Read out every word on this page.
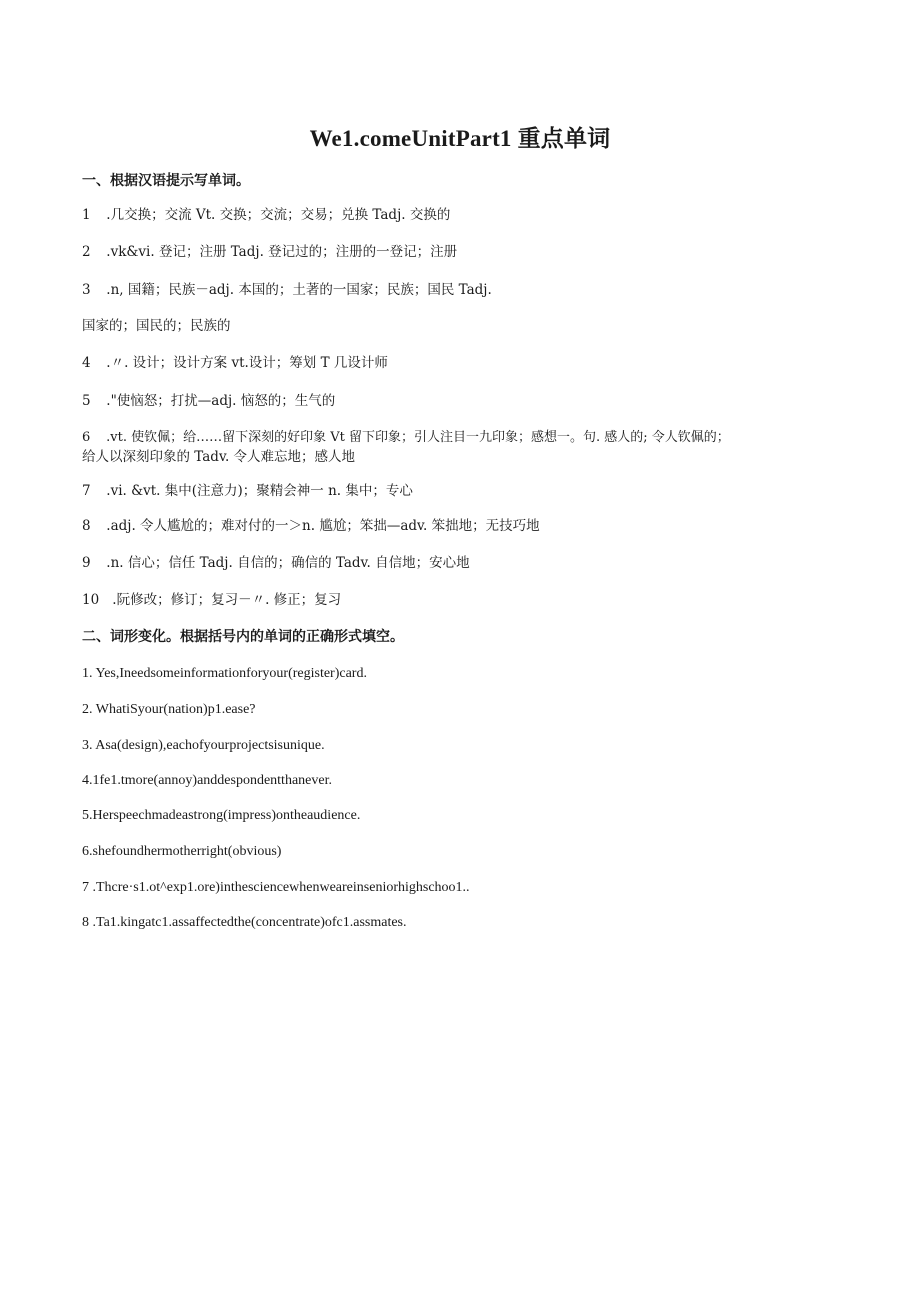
We1.comeUnitPart1 重点单词
一、根据汉语提示写单词。
1 .几交换；交流 Vt. 交换；交流；交易；兑换 Tadj. 交换的
2 .vk&vi. 登记；注册 Tadj. 登记过的；注册的一登记；注册
3 .n, 国籍；民族－adj. 本国的；土著的一国家；民族；国民 Tadj.
国家的；国民的；民族的
4 .〃. 设计；设计方案 vt.设计；筹划 T 几设计师
5 ."使恼怒；打扰—adj. 恼怒的；生气的
6 .vt. 使钦佩；给……留下深刻的好印象 Vt 留下印象；引人注目一九印象；感想一。句. 感人的; 令人钦佩的；
给人以深刻印象的 Tadv. 令人难忘地；感人地
7 .vi. &vt. 集中(注意力)；聚精会神一 n. 集中；专心
8 .adj. 令人尴尬的；难对付的一＞n. 尴尬；笨拙—adv. 笨拙地；无技巧地
9 .n. 信心；信任 Tadj. 自信的；确信的 Tadv. 自信地；安心地
10 .阮修改；修订；复习－〃. 修正；复习
二、词形变化。根据括号内的单词的正确形式填空。
1. Yes,Ineedsomeinformationforyour(register)card.
2. WhatiSyour(nation)p1.ease?
3. Asa(design),eachofyourprojectsisunique.
4.1fe1.tmore(annoy)anddespondentthanever.
5.Herspeechmadeastrong(impress)ontheaudience.
6.shefoundhermotherright(obvious)
7 .Thcre·s1.ot^exp1.ore)inthesciencewhenweareinseniorhighschoo1..
8 .Ta1.kingatc1.assaffectedthe(concentrate)ofc1.assmates.
